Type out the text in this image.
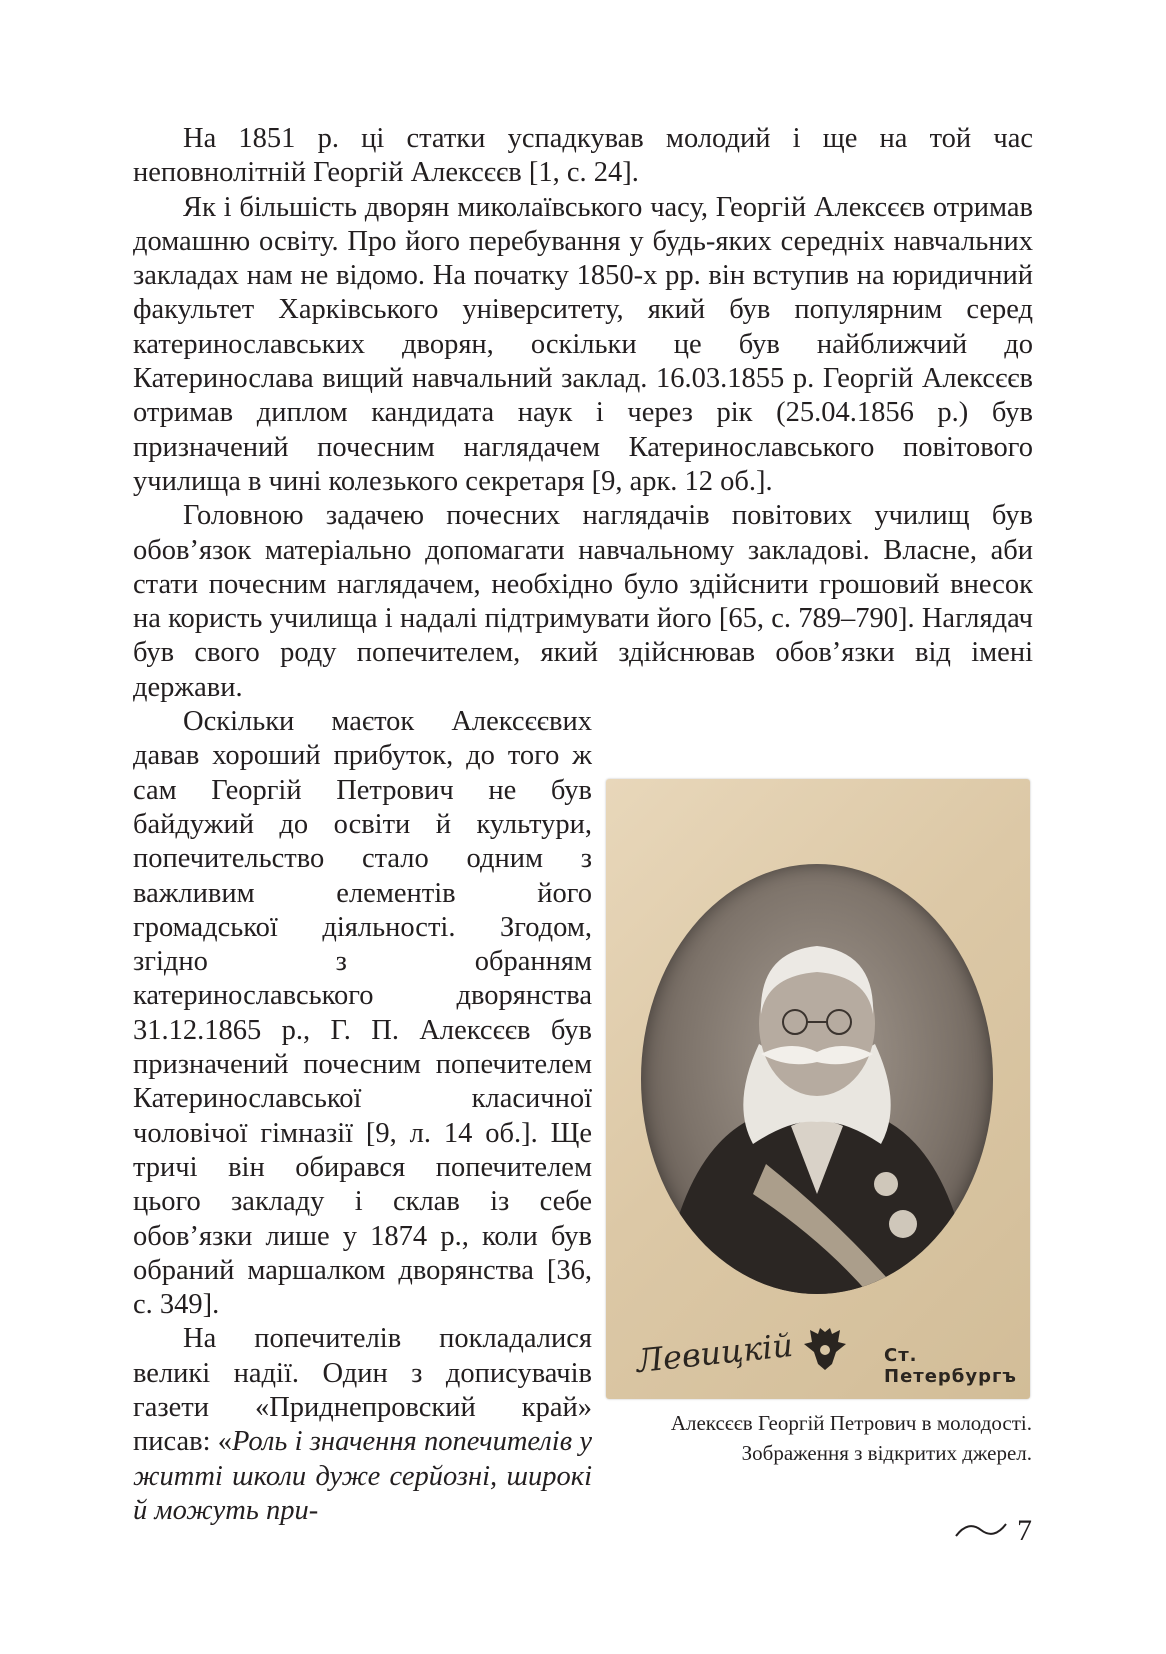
На 1851 р. ці статки успадкував молодий і ще на той час неповнолітній Георгій Алексєєв [1, с. 24].

Як і більшість дворян миколаївського часу, Георгій Алексєєв отримав домашню освіту. Про його перебування у будь-яких середніх навчальних закладах нам не відомо. На початку 1850-х рр. він вступив на юридичний факультет Харківського університету, який був популярним серед катеринославських дворян, оскільки це був найближчий до Катеринослава вищий навчальний заклад. 16.03.1855 р. Георгій Алексєєв отримав диплом кандидата наук і через рік (25.04.1856 р.) був призначений почесним наглядачем Катеринославського повітового училища в чині колезького секретаря [9, арк. 12 об.].

Головною задачею почесних наглядачів повітових училищ був обов’язок матеріально допомагати навчальному закладові. Власне, аби стати почесним наглядачем, необхідно було здійснити грошовий внесок на користь училища і надалі підтримувати його [65, с. 789–790]. Наглядач був свого роду попечителем, який здійснював обов’язки від імені держави.

Оскільки маєток Алексєєвих давав хороший прибуток, до того ж сам Георгій Петрович не був байдужий до освіти й культури, попечительство стало одним з важливим елементів його громадської діяльності. Згодом, згідно з обранням катеринославського дворянства 31.12.1865 р., Г. П. Алексєєв був призначений почесним попечителем Катеринославської класичної чоловічої гімназії [9, л. 14 об.]. Ще тричі він обирався попечителем цього закладу і склав із себе обов’язки лише у 1874 р., коли був обраний маршалком дворянства [36, с. 349].

На попечителів покладалися великі надії. Один з дописувачів газети «Приднепровский край» писав: «Роль і значення попечителів у житті школи дуже серйозні, широкі й можуть при-

Левицкій	Ст. Петербургъ
Алексєєв Георгій Петрович в молодості.
Зображення з відкритих джерел.
7
